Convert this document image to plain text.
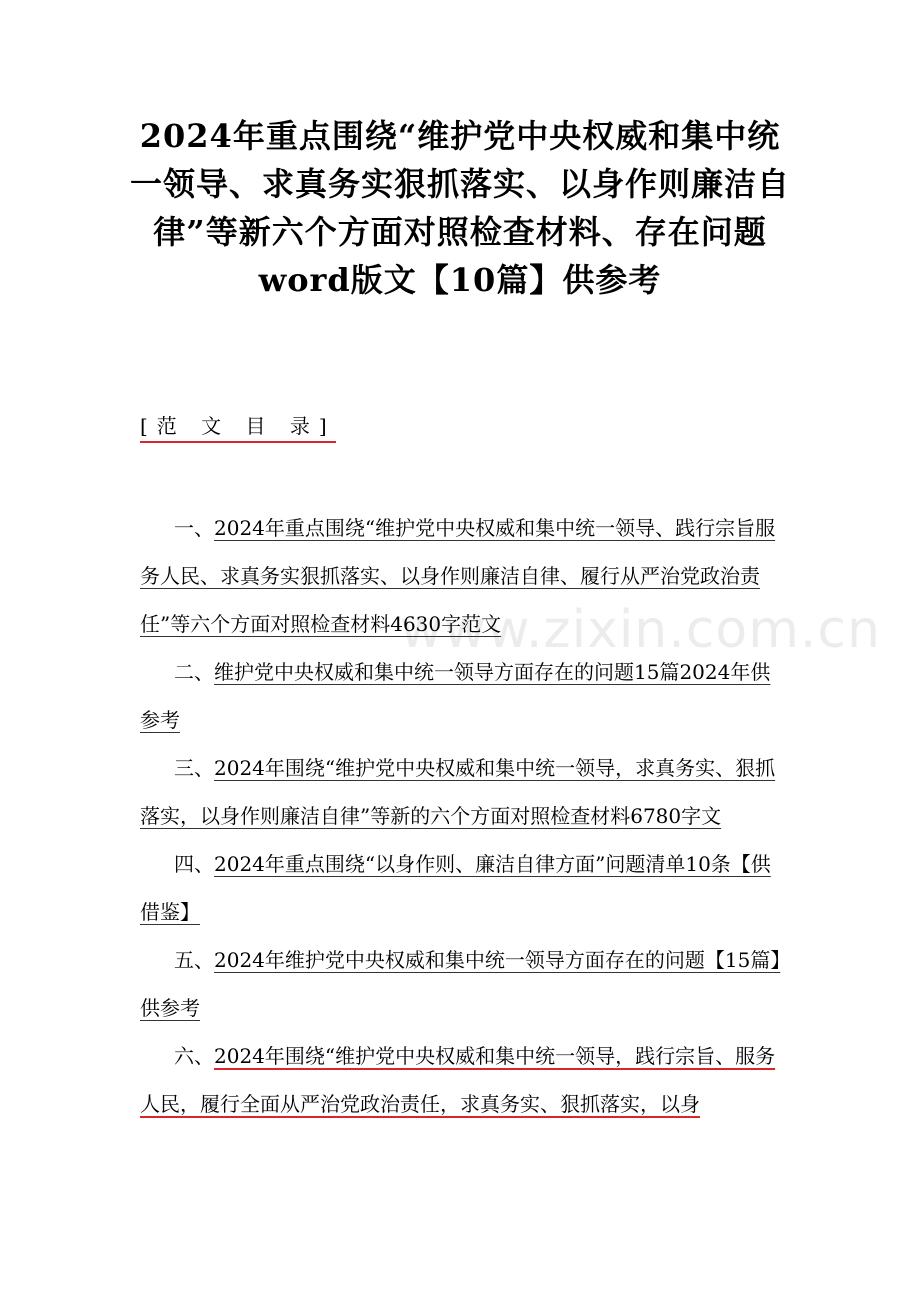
2024年重点围绕“维护党中央权威和集中统一领导、求真务实狠抓落实、以身作则廉洁自律”等新六个方面对照检查材料、存在问题word版文【10篇】供参考
www.zixin.com.cn
[范 文 目 录]
一、2024年重点围绕“维护党中央权威和集中统一领导、践行宗旨服务人民、求真务实狠抓落实、以身作则廉洁自律、履行从严治党政治责任”等六个方面对照检查材料4630字范文
二、维护党中央权威和集中统一领导方面存在的问题15篇2024年供参考
三、2024年围绕“维护党中央权威和集中统一领导，求真务实、狠抓落实，以身作则廉洁自律”等新的六个方面对照检查材料6780字文
四、2024年重点围绕“以身作则、廉洁自律方面”问题清单10条【供借鉴】
五、2024年维护党中央权威和集中统一领导方面存在的问题【15篇】供参考
六、2024年围绕“维护党中央权威和集中统一领导，践行宗旨、服务人民，履行全面从严治党政治责任，求真务实、狠抓落实，以身
